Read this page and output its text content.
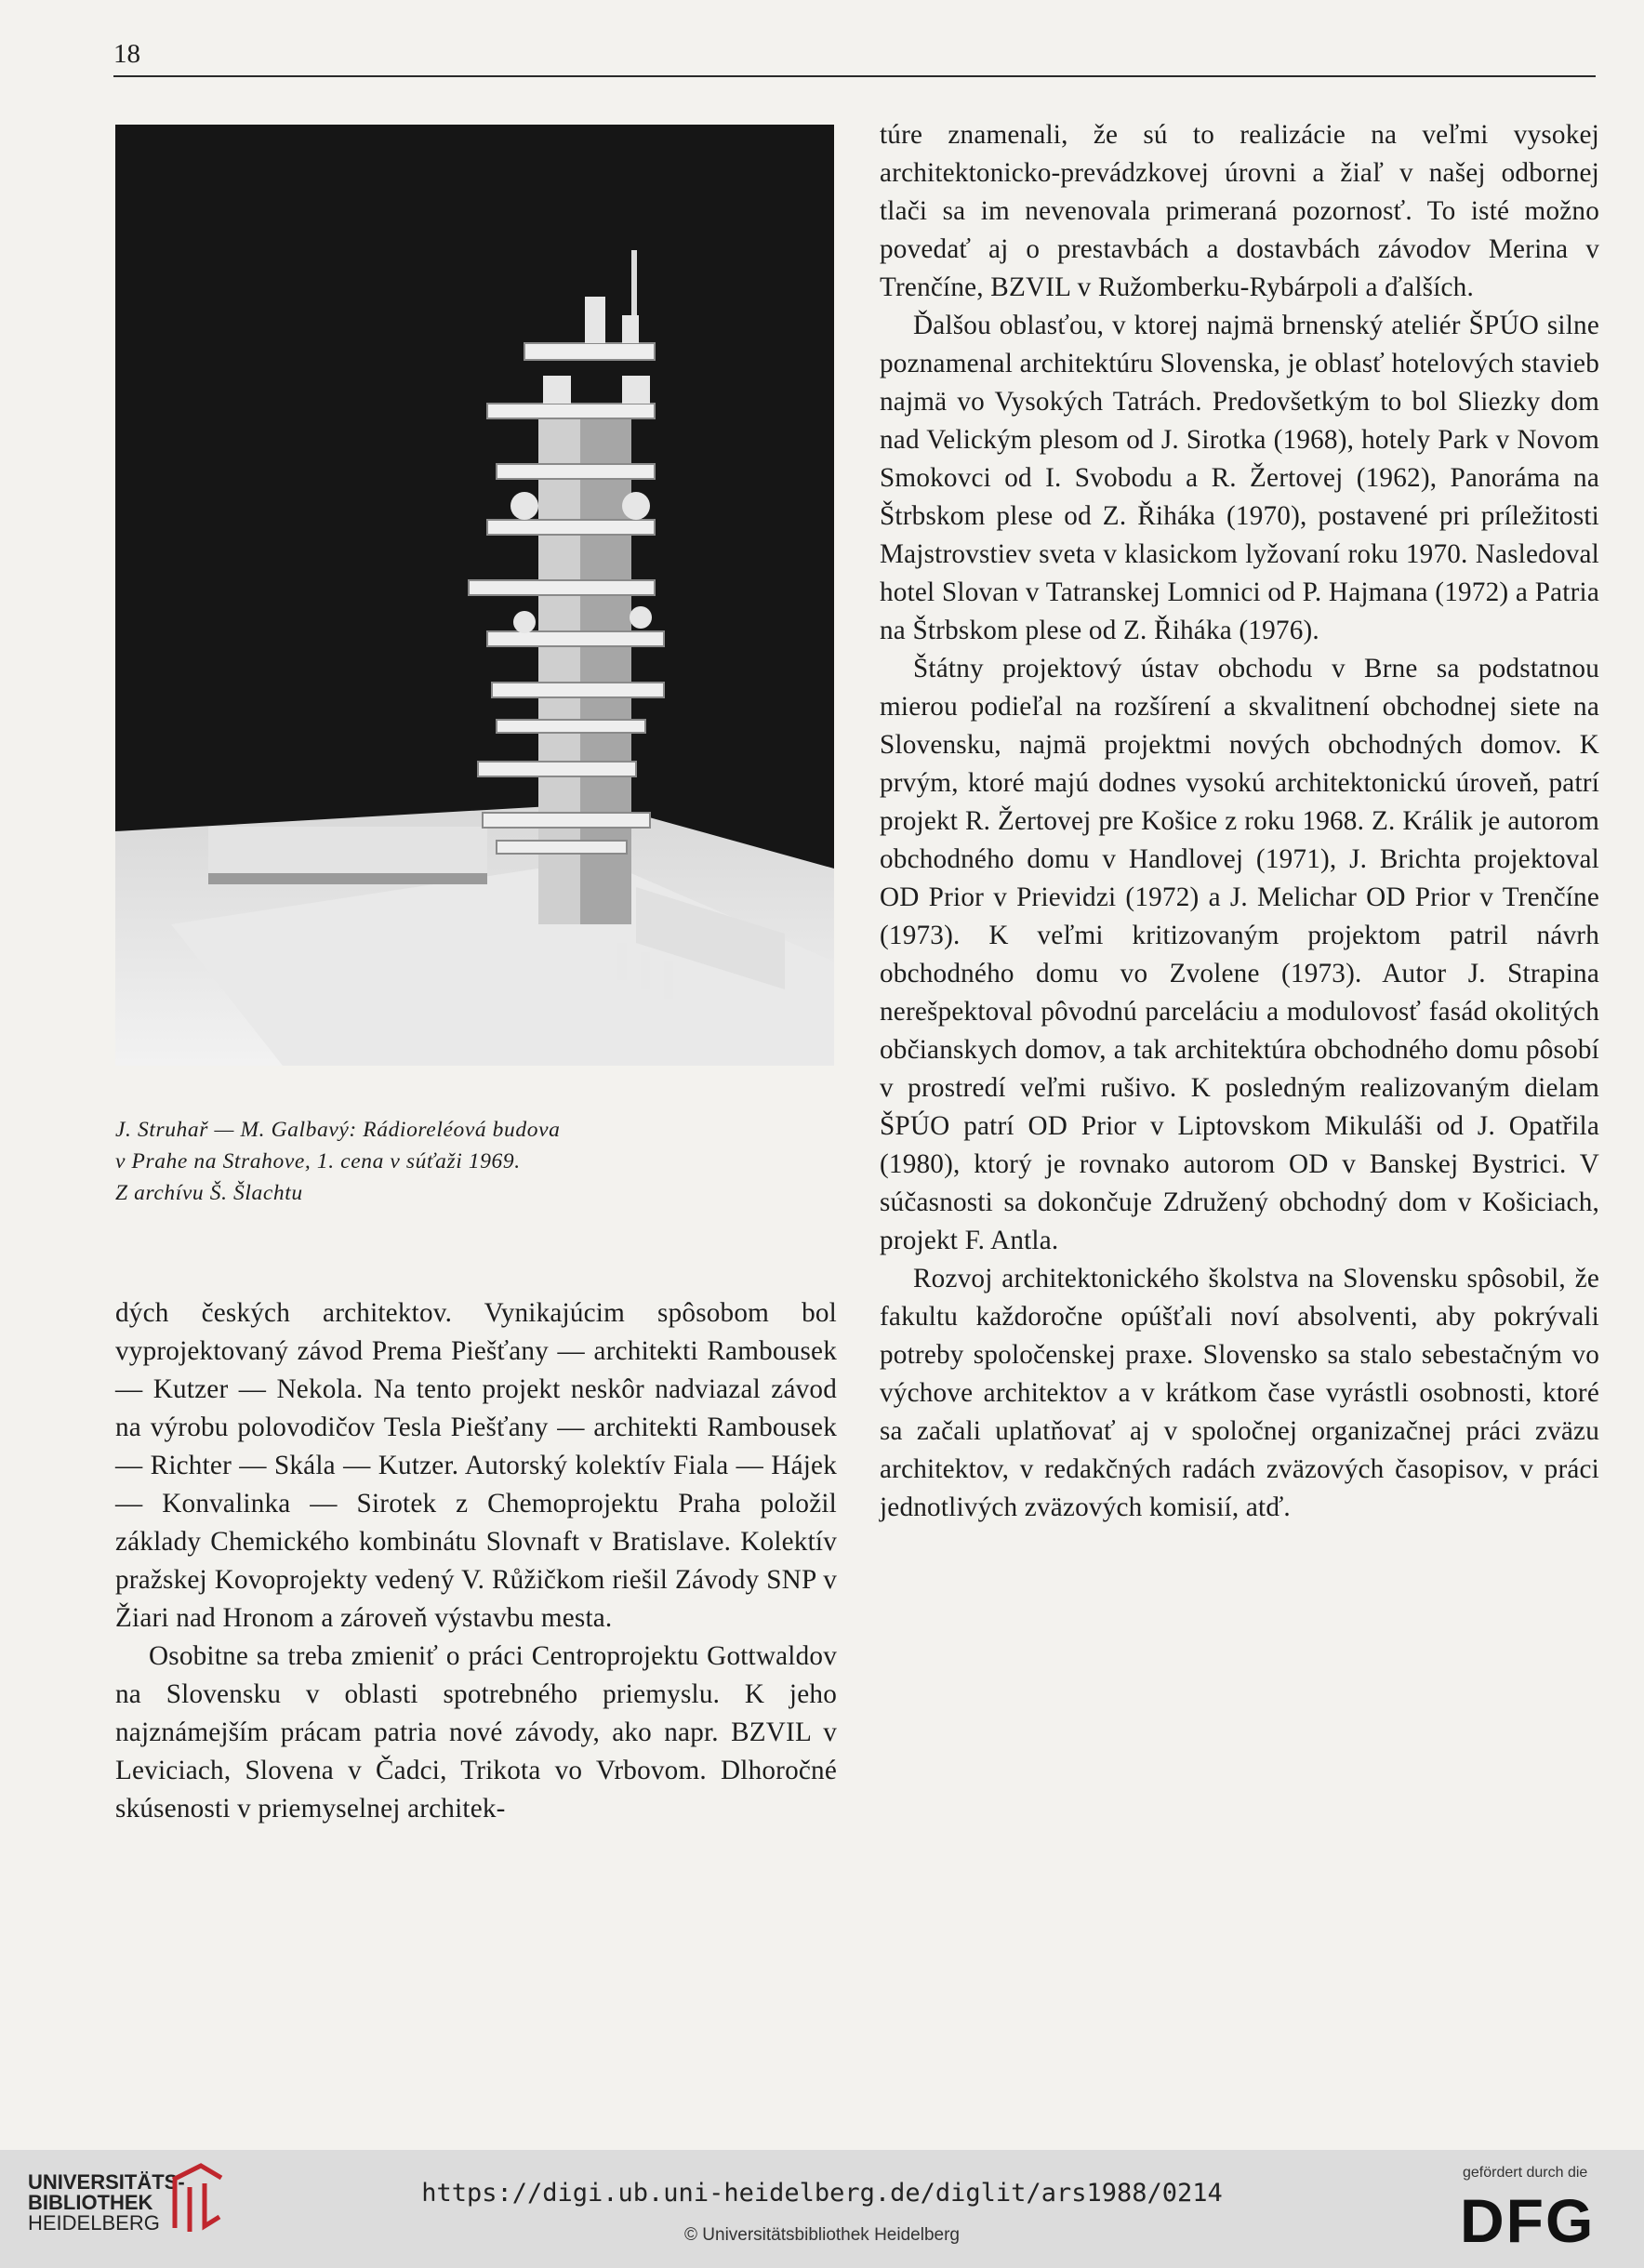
18
J. Struhař — M. Galbavý: Rádioreléová budova
v Prahe na Strahove, 1. cena v súťaži 1969.
Z archívu Š. Šlachtu

dých českých architektov. Vynikajúcim spôsobom bol vyprojektovaný závod Prema Piešťany — architekti Rambousek — Kutzer — Nekola. Na tento projekt neskôr nadviazal závod na výrobu polovodičov Tesla Piešťany — architekti Rambousek — Richter — Skála — Kutzer. Autorský kolektív Fiala — Hájek — Konvalinka — Sirotek z Chemoprojektu Praha položil základy Chemického kombinátu Slovnaft v Bratislave. Kolektív pražskej Kovoprojekty vedený V. Růžičkom riešil Závody SNP v Žiari nad Hronom a zároveň výstavbu mesta.

Osobitne sa treba zmieniť o práci Centroprojektu Gottwaldov na Slovensku v oblasti spotrebného priemyslu. K jeho najznámejším prácam patria nové závody, ako napr. BZVIL v Leviciach, Slovena v Čadci, Trikota vo Vrbovom. Dlhoročné skúsenosti v priemyselnej architek-

túre znamenali, že sú to realizácie na veľmi vysokej architektonicko-prevádzkovej úrovni a žiaľ v našej odbornej tlači sa im nevenovala primeraná pozornosť. To isté možno povedať aj o prestavbách a dostavbách závodov Merina v Trenčíne, BZVIL v Ružomberku-Rybárpoli a ďalších.

Ďalšou oblasťou, v ktorej najmä brnenský ateliér ŠPÚO silne poznamenal architektúru Slovenska, je oblasť hotelových stavieb najmä vo Vysokých Tatrách. Predovšetkým to bol Sliezky dom nad Velickým plesom od J. Sirotka (1968), hotely Park v Novom Smokovci od I. Svobodu a R. Žertovej (1962), Panoráma na Štrbskom plese od Z. Řiháka (1970), postavené pri príležitosti Majstrovstiev sveta v klasickom lyžovaní roku 1970. Nasledoval hotel Slovan v Tatranskej Lomnici od P. Hajmana (1972) a Patria na Štrbskom plese od Z. Řiháka (1976).

Štátny projektový ústav obchodu v Brne sa podstatnou mierou podieľal na rozšírení a skvalitnení obchodnej siete na Slovensku, najmä projektmi nových obchodných domov. K prvým, ktoré majú dodnes vysokú architektonickú úroveň, patrí projekt R. Žertovej pre Košice z roku 1968. Z. Králik je autorom obchodného domu v Handlovej (1971), J. Brichta projektoval OD Prior v Prievidzi (1972) a J. Melichar OD Prior v Trenčíne (1973). K veľmi kritizovaným projektom patril návrh obchodného domu vo Zvolene (1973). Autor J. Strapina nerešpektoval pôvodnú parceláciu a modulovosť fasád okolitých občianskych domov, a tak architektúra obchodného domu pôsobí v prostredí veľmi rušivo. K posledným realizovaným dielam ŠPÚO patrí OD Prior v Liptovskom Mikuláši od J. Opatřila (1980), ktorý je rovnako autorom OD v Banskej Bystrici. V súčasnosti sa dokončuje Združený obchodný dom v Košiciach, projekt F. Antla.

Rozvoj architektonického školstva na Slovensku spôsobil, že fakultu každoročne opúšťali noví absolventi, aby pokrývali potreby spoločenskej praxe. Slovensko sa stalo sebestačným vo výchove architektov a v krátkom čase vyrástli osobnosti, ktoré sa začali uplatňovať aj v spoločnej organizačnej práci zväzu architektov, v redakčných radách zväzových časopisov, v práci jednotlivých zväzových komisií, atď.

UNIVERSITÄTS-
BIBLIOTHEK
HEIDELBERG
https://digi.ub.uni-heidelberg.de/diglit/ars1988/0214
© Universitätsbibliothek Heidelberg
gefördert durch die
DFG
